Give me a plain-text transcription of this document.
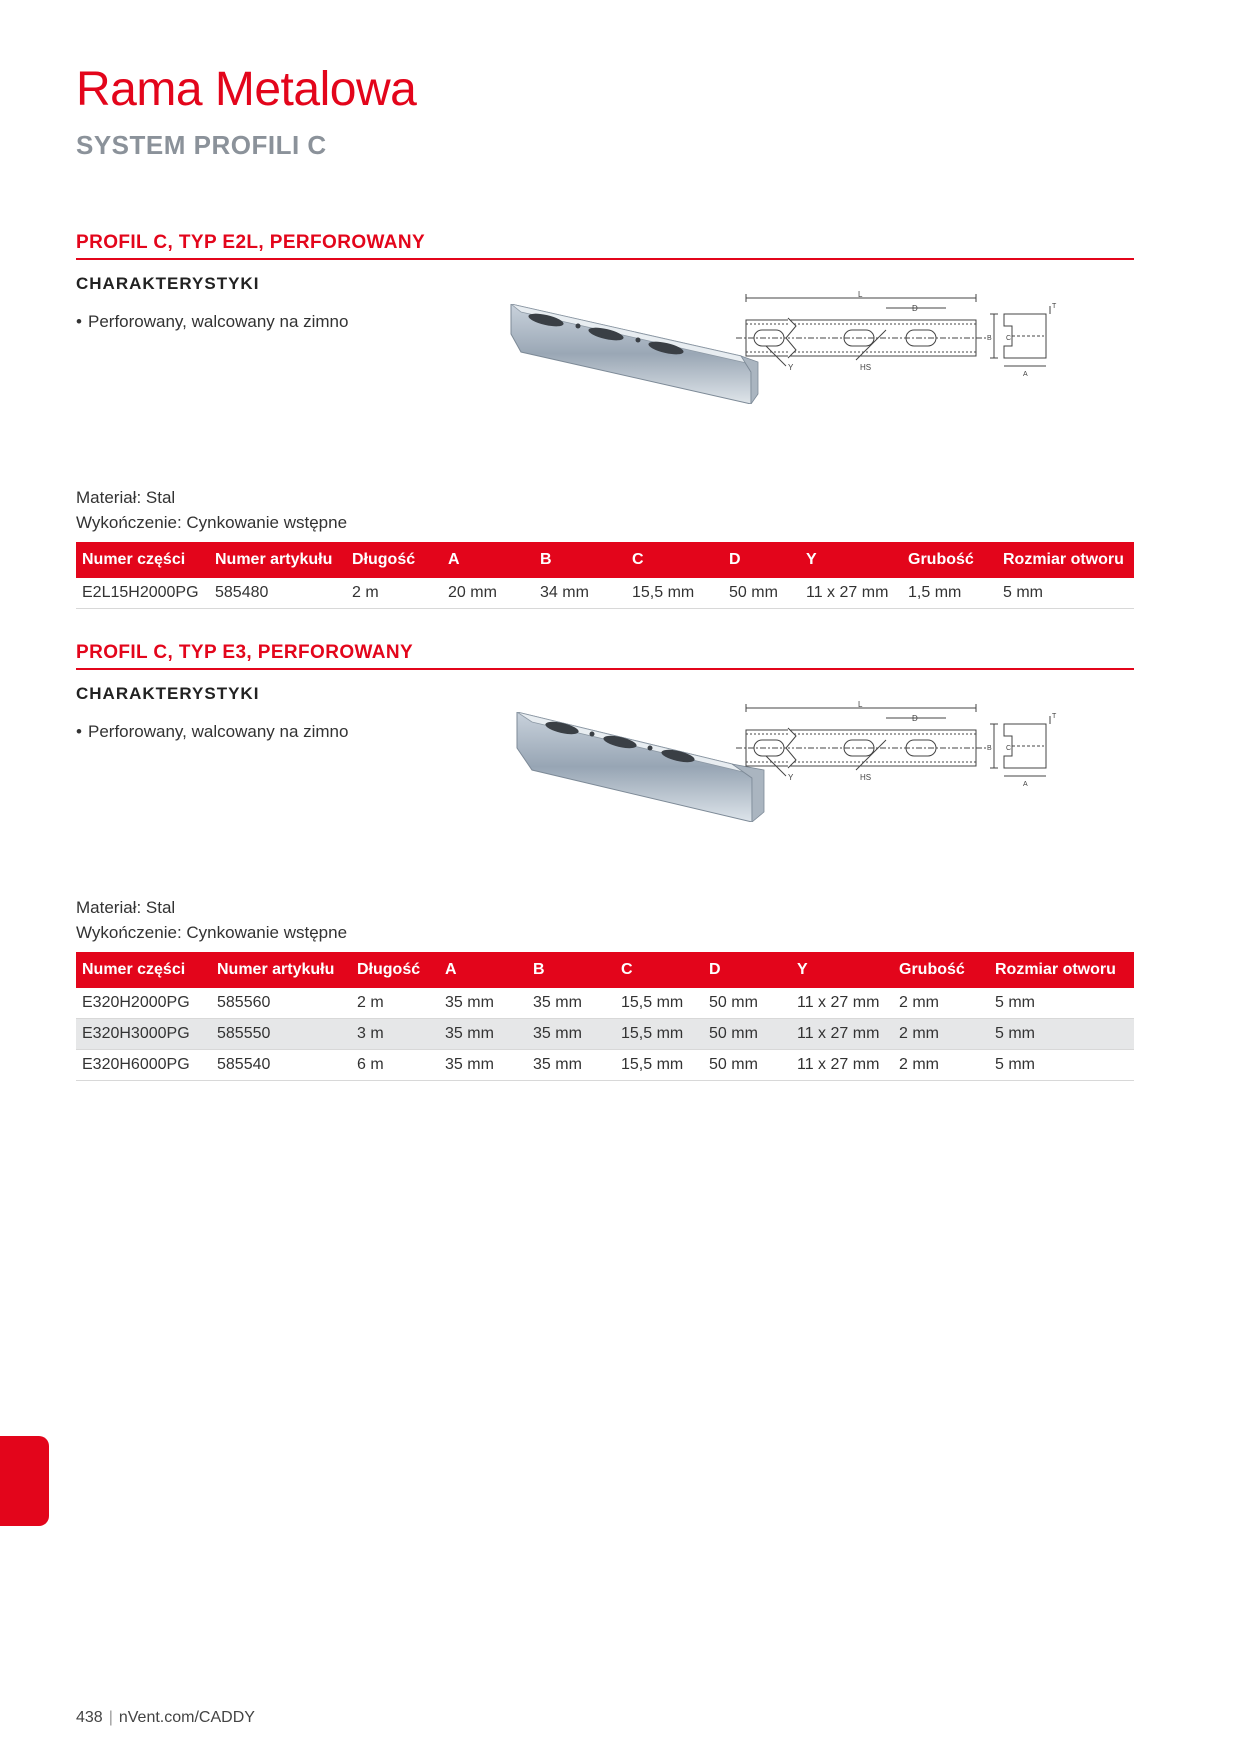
Rama Metalowa
SYSTEM PROFILI C
PROFIL C, TYP E2L, PERFOROWANY
CHARAKTERYSTYKI
• Perforowany, walcowany na zimno
L
D
Y	HS
B C
A
T
Materiał: Stal
Wykończenie: Cynkowanie wstępne
Numer części	Numer artykułu	Długość	A	B	C	D	Y	Grubość	Rozmiar otworu
E2L15H2000PG	585480	2 m	20 mm	34 mm	15,5 mm	50 mm	11 x 27 mm	1,5 mm	5 mm
PROFIL C, TYP E3, PERFOROWANY
CHARAKTERYSTYKI
• Perforowany, walcowany na zimno
L
D
Y	HS
B C
A
T
Materiał: Stal
Wykończenie: Cynkowanie wstępne
Numer części	Numer artykułu	Długość	A	B	C	D	Y	Grubość	Rozmiar otworu
E320H2000PG	585560	2 m	35 mm	35 mm	15,5 mm	50 mm	11 x 27 mm	2 mm	5 mm
E320H3000PG	585550	3 m	35 mm	35 mm	15,5 mm	50 mm	11 x 27 mm	2 mm	5 mm
E320H6000PG	585540	6 m	35 mm	35 mm	15,5 mm	50 mm	11 x 27 mm	2 mm	5 mm
438 | nVent.com/CADDY
